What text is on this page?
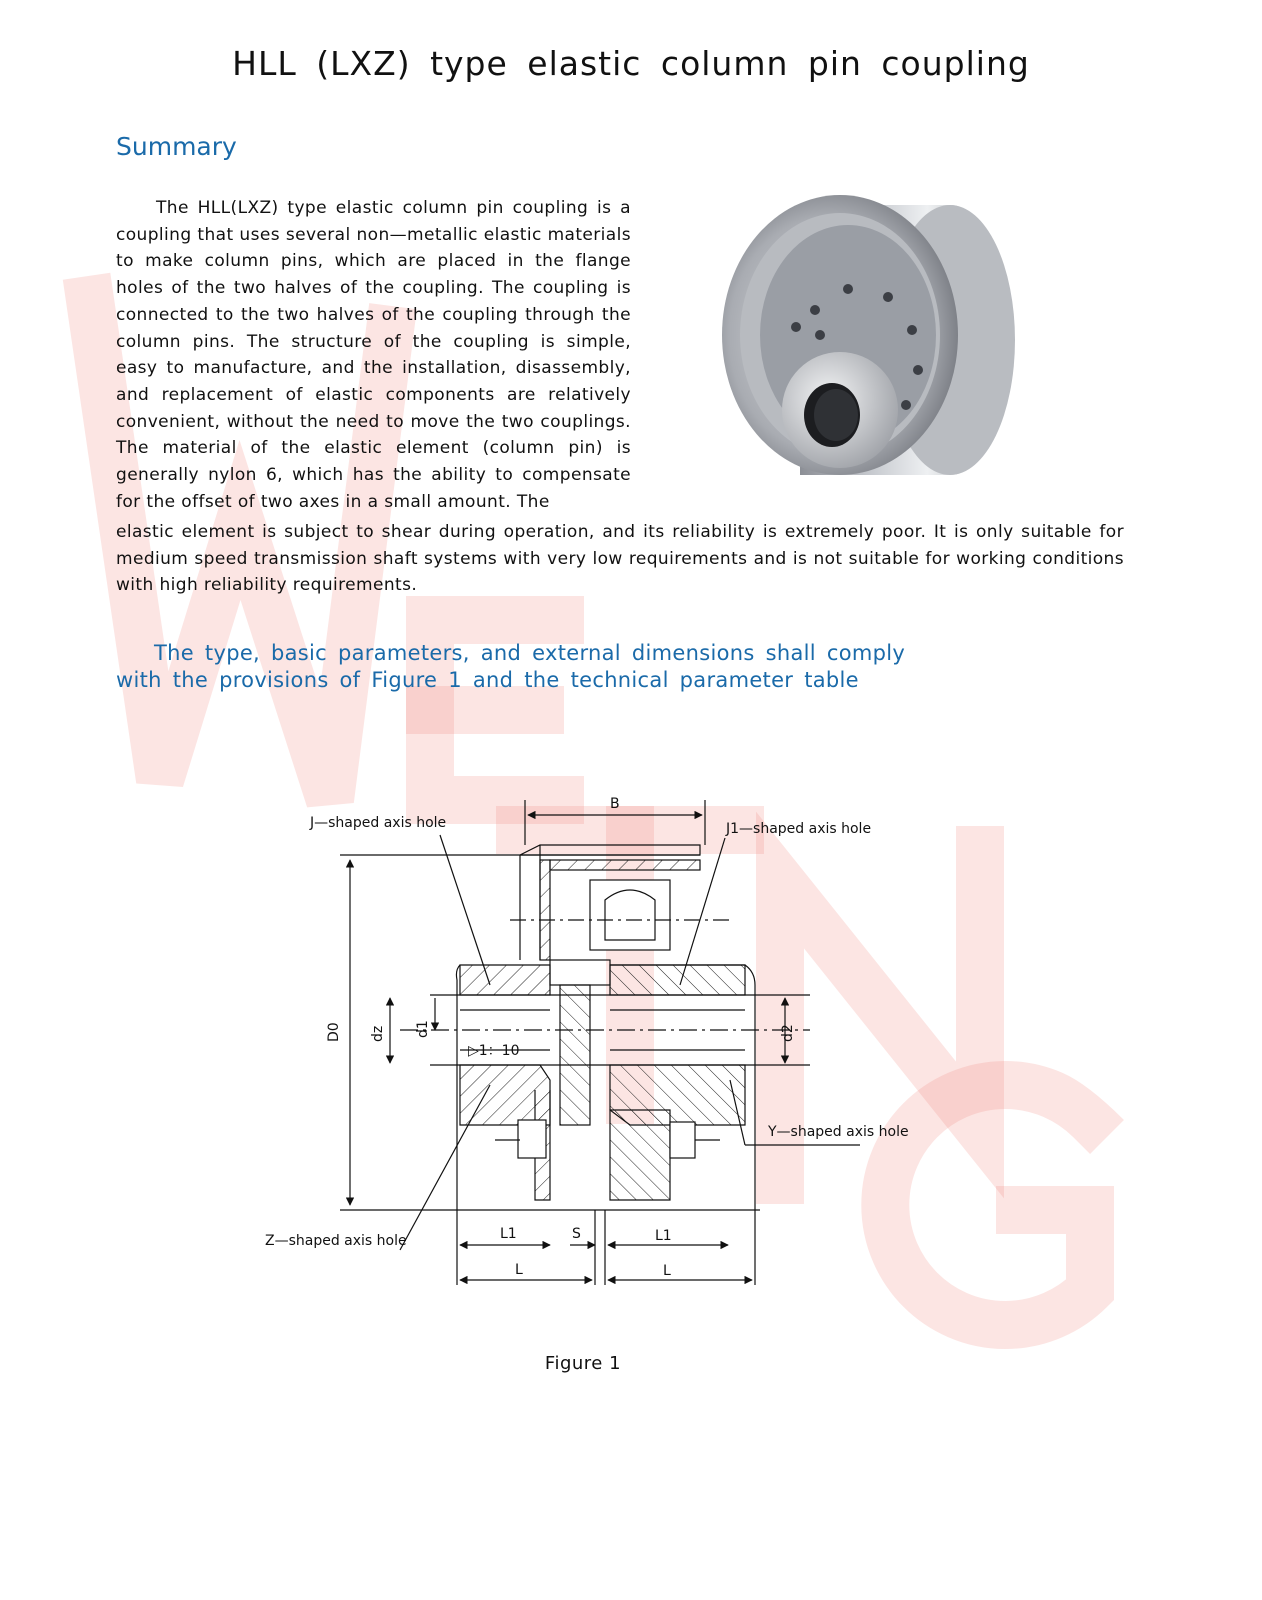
HLL (LXZ) type elastic column pin coupling
Summary
The HLL(LXZ) type elastic column pin coupling is a coupling that uses several non—metallic elastic materials to make column pins, which are placed in the flange holes of the two halves of the coupling. The coupling is connected to the two halves of the coupling through the column pins. The structure of the coupling is simple, easy to manufacture, and the installation, disassembly, and replacement of elastic components are relatively convenient, without the need to move the two couplings. The material of the elastic element (column pin) is generally nylon 6, which has the ability to compensate for the offset of two axes in a small amount. The
elastic element is subject to shear during operation, and its reliability is extremely poor. It is only suitable for medium speed transmission shaft systems with very low requirements and is not suitable for working conditions with high reliability requirements.
The type, basic parameters, and external dimensions shall comply with the provisions of Figure 1 and the technical parameter table
J—shaped axis hole	J1—shaped axis hole
Y—shaped axis hole
Z—shaped axis hole
B
D0 dz d1	d2
▷1：10
L1	S	L1
L	L
Figure 1
